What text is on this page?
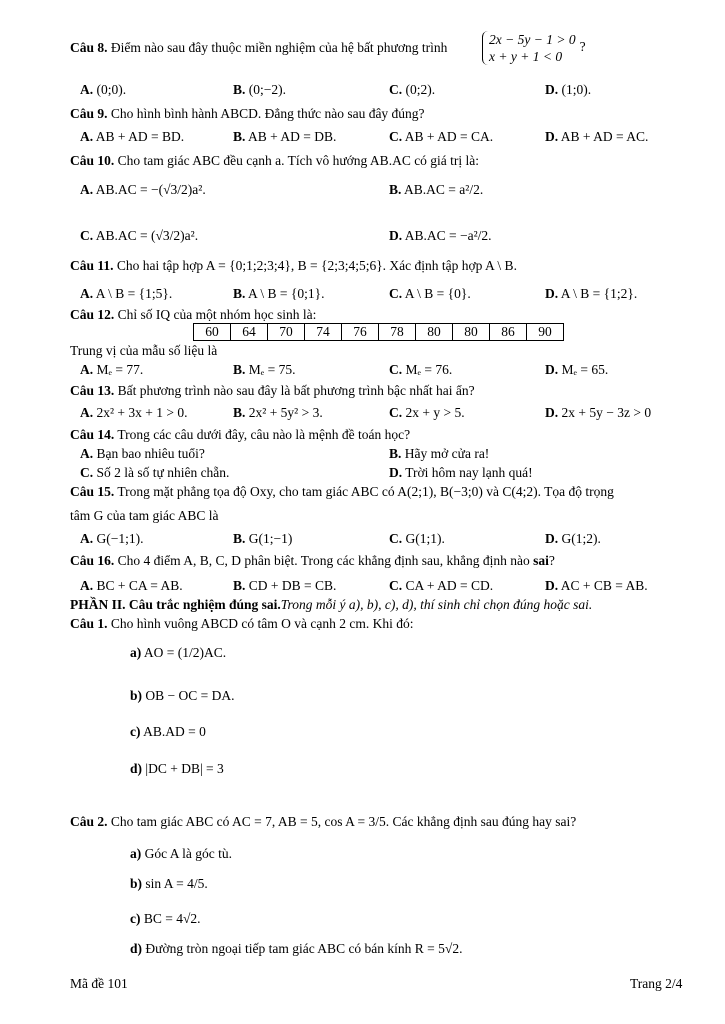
Câu 8. Điểm nào sau đây thuộc miền nghiệm của hệ bất phương trình
2x − 5y − 1 > 0
x + y + 1 < 0?
A. (0;0).	B. (0;−2).	C. (0;2).	D. (1;0).
Câu 9. Cho hình bình hành ABCD. Đẳng thức nào sau đây đúng?
A. AB + AD = BD.	B. AB + AD = DB.	C. AB + AD = CA.	D. AB + AD = AC.
Câu 10. Cho tam giác ABC đều cạnh a. Tích vô hướng AB.AC có giá trị là:
A. AB.AC = −(√3/2)a².	B. AB.AC = a²/2.
C. AB.AC = (√3/2)a².	D. AB.AC = −a²/2.
Câu 11. Cho hai tập hợp A = {0;1;2;3;4}, B = {2;3;4;5;6}. Xác định tập hợp A \ B.
A. A \ B = {1;5}.	B. A \ B = {0;1}.	C. A \ B = {0}.	D. A \ B = {1;2}.
Câu 12. Chỉ số IQ của một nhóm học sinh là:
60	64	70	74	76	78	80	80	86	90
Trung vị của mẫu số liệu là
A. Mₑ = 77.	B. Mₑ = 75.	C. Mₑ = 76.	D. Mₑ = 65.
Câu 13. Bất phương trình nào sau đây là bất phương trình bậc nhất hai ẩn?
A. 2x² + 3x + 1 > 0.	B. 2x² + 5y² > 3.	C. 2x + y > 5.	D. 2x + 5y − 3z > 0
Câu 14. Trong các câu dưới đây, câu nào là mệnh đề toán học?
A. Bạn bao nhiêu tuổi?	B. Hãy mở cửa ra!
C. Số 2 là số tự nhiên chẵn.	D. Trời hôm nay lạnh quá!
Câu 15. Trong mặt phẳng tọa độ Oxy, cho tam giác ABC có A(2;1), B(−3;0) và C(4;2). Tọa độ trọng
tâm G của tam giác ABC là
A. G(−1;1).	B. G(1;−1)	C. G(1;1).	D. G(1;2).
Câu 16. Cho 4 điểm A, B, C, D phân biệt. Trong các khẳng định sau, khẳng định nào sai?
A. BC + CA = AB.	B. CD + DB = CB.	C. CA + AD = CD.	D. AC + CB = AB.
PHẦN II. Câu trắc nghiệm đúng sai.Trong mỗi ý a), b), c), d), thí sinh chỉ chọn đúng hoặc sai.
Câu 1. Cho hình vuông ABCD có tâm O và cạnh 2 cm. Khi đó:
a) AO = (1/2)AC.
b) OB − OC = DA.
c) AB.AD = 0
d) |DC + DB| = 3
Câu 2. Cho tam giác ABC có AC = 7, AB = 5, cos A = 3/5. Các khẳng định sau đúng hay sai?
a) Góc A là góc tù.
b) sin A = 4/5.
c) BC = 4√2.
d) Đường tròn ngoại tiếp tam giác ABC có bán kính R = 5√2.
Mã đề 101	Trang 2/4
